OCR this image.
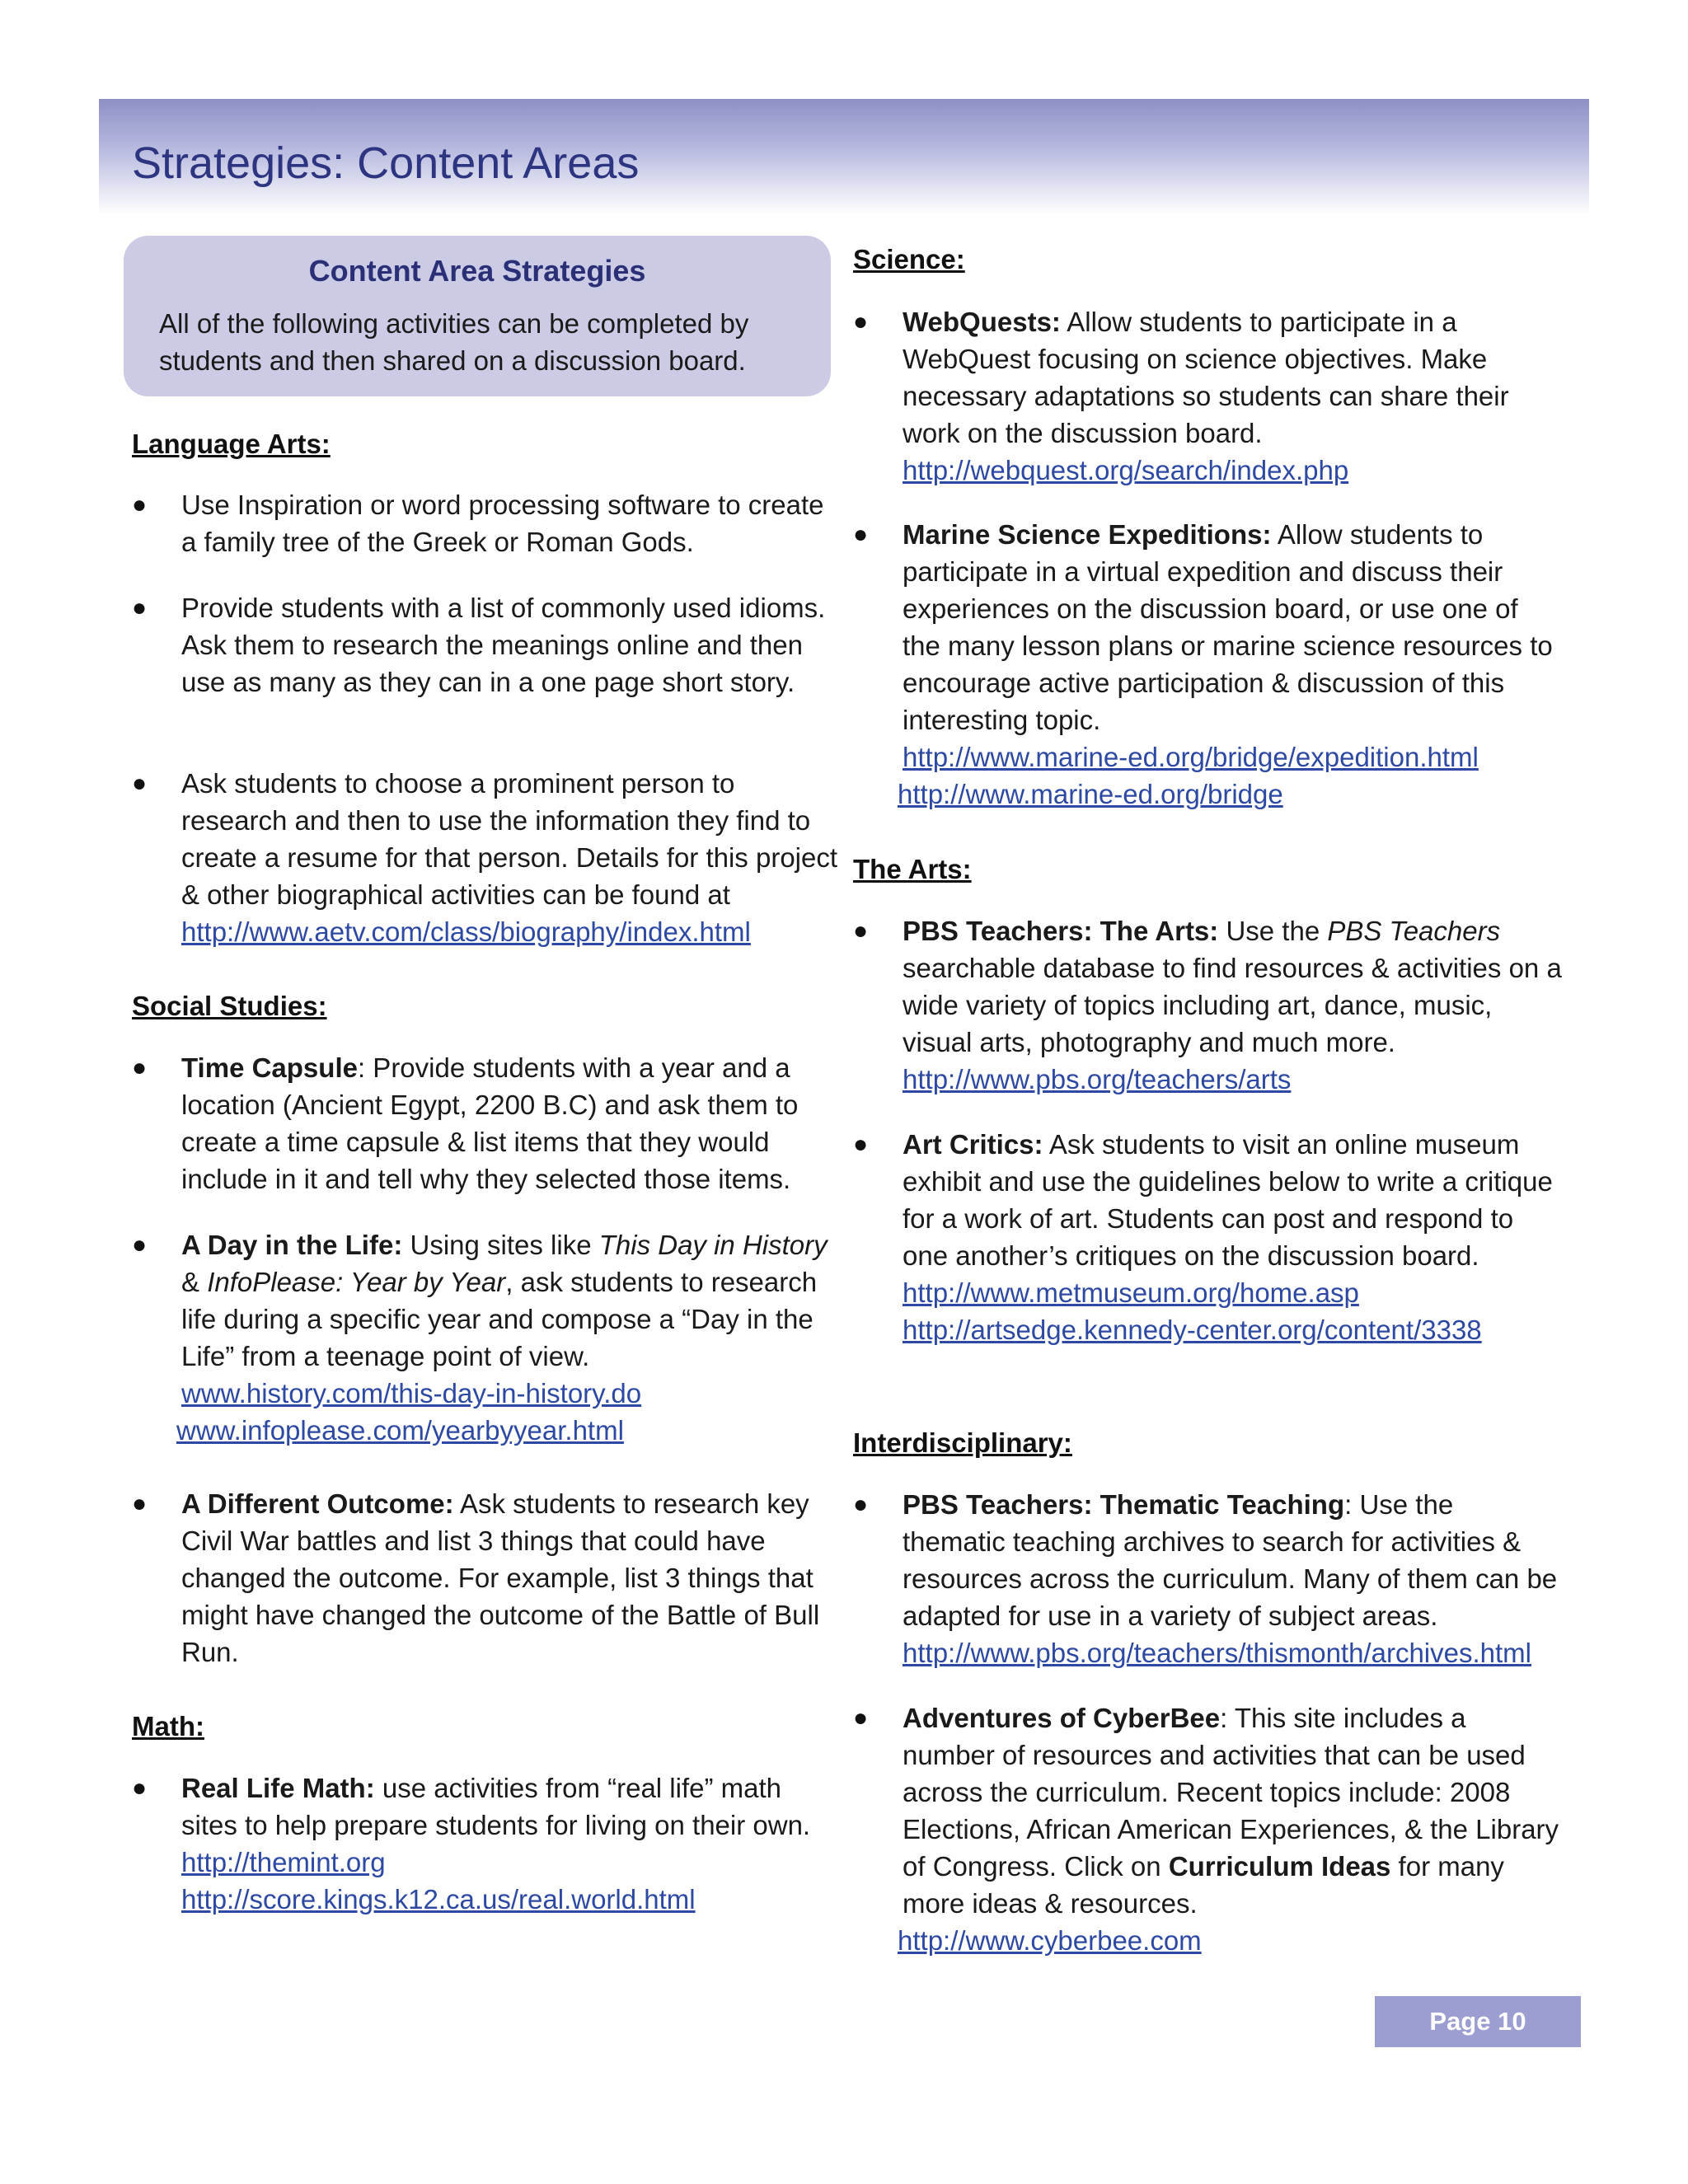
Strategies: Content Areas
Content Area Strategies

All of the following activities can be completed by students and then shared on a discussion board.

Language Arts:
● Use Inspiration or word processing software to create a family tree of the Greek or Roman Gods.
● Provide students with a list of commonly used idioms. Ask them to research the meanings online and then use as many as they can in a one page short story.
● Ask students to choose a prominent person to research and then to use the information they find to create a resume for that person. Details for this project & other biographical activities can be found at
http://www.aetv.com/class/biography/index.html
Social Studies:
● Time Capsule: Provide students with a year and a location (Ancient Egypt, 2200 B.C) and ask them to create a time capsule & list items that they would include in it and tell why they selected those items.
● A Day in the Life: Using sites like This Day in History & InfoPlease: Year by Year, ask students to research life during a specific year and compose a “Day in the Life” from a teenage point of view.
www.history.com/this-day-in-history.do
www.infoplease.com/yearbyyear.html
● A Different Outcome: Ask students to research key Civil War battles and list 3 things that could have changed the outcome. For example, list 3 things that might have changed the outcome of the Battle of Bull Run.
Math:
● Real Life Math: use activities from “real life” math sites to help prepare students for living on their own.
http://themint.org
http://score.kings.k12.ca.us/real.world.html
Science:
● WebQuests: Allow students to participate in a WebQuest focusing on science objectives. Make necessary adaptations so students can share their work on the discussion board.
http://webquest.org/search/index.php
● Marine Science Expeditions: Allow students to participate in a virtual expedition and discuss their experiences on the discussion board, or use one of the many lesson plans or marine science resources to encourage active participation & discussion of this interesting topic.
http://www.marine-ed.org/bridge/expedition.html
http://www.marine-ed.org/bridge
The Arts:
● PBS Teachers: The Arts: Use the PBS Teachers searchable database to find resources & activities on a wide variety of topics including art, dance, music, visual arts, photography and much more.
http://www.pbs.org/teachers/arts
● Art Critics: Ask students to visit an online museum exhibit and use the guidelines below to write a critique for a work of art. Students can post and respond to one another’s critiques on the discussion board.
http://www.metmuseum.org/home.asp
http://artsedge.kennedy-center.org/content/3338
Interdisciplinary:
● PBS Teachers: Thematic Teaching: Use the thematic teaching archives to search for activities & resources across the curriculum. Many of them can be adapted for use in a variety of subject areas.
http://www.pbs.org/teachers/thismonth/archives.html
● Adventures of CyberBee: This site includes a number of resources and activities that can be used across the curriculum. Recent topics include: 2008 Elections, African American Experiences, & the Library of Congress. Click on Curriculum Ideas for many more ideas & resources.
http://www.cyberbee.com
Page 10
